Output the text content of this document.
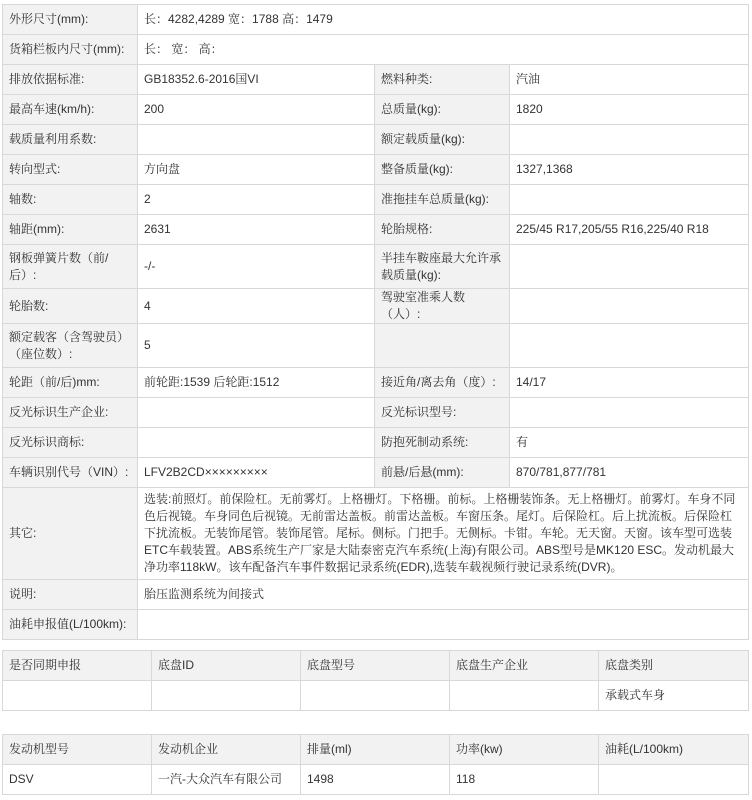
外形尺寸(mm):	长：4282,4289 宽：1788 高：1479		
货箱栏板内尺寸(mm):	长： 宽： 高：		
排放依据标准:	GB18352.6-2016国VI	燃料种类:	汽油
最高车速(km/h):	200	总质量(kg):	1820
载质量利用系数:		额定载质量(kg):	
转向型式:	方向盘	整备质量(kg):	1327,1368
轴数:	2	准拖挂车总质量(kg):	
轴距(mm):	2631	轮胎规格:	225/45 R17,205/55 R16,225/40 R18
钢板弹簧片数（前/后）:	-/-	半挂车鞍座最大允许承载质量(kg):	
轮胎数:	4	驾驶室准乘人数（人）:	
额定载客（含驾驶员）（座位数）:	5		
轮距（前/后)mm:	前轮距:1539 后轮距:1512	接近角/离去角（度）:	14/17
反光标识生产企业:		反光标识型号:	
反光标识商标:		防抱死制动系统:	有
车辆识别代号（VIN）:	LFV2B2CD×××××××××	前悬/后悬(mm):	870/781,877/781
其它:	选装:前照灯。前保险杠。无前雾灯。上格栅灯。下格栅。前标。上格栅装饰条。无上格栅灯。前雾灯。车身不同色后视镜。车身同色后视镜。无前雷达盖板。前雷达盖板。车窗压条。尾灯。后保险杠。后上扰流板。后保险杠下扰流板。无装饰尾管。装饰尾管。尾标。侧标。门把手。无侧标。卡钳。车轮。无天窗。天窗。该车型可选装ETC车载装置。ABS系统生产厂家是大陆泰密克汽车系统(上海)有限公司。ABS型号是MK120 ESC。发动机最大净功率118kW。该车配备汽车事件数据记录系统(EDR),选装车载视频行驶记录系统(DVR)。		
说明:	胎压监测系统为间接式		
油耗申报值(L/100km):			
是否同期申报	底盘ID	底盘型号	底盘生产企业	底盘类别
				承载式车身
发动机型号	发动机企业	排量(ml)	功率(kw)	油耗(L/100km)
DSV	一汽-大众汽车有限公司	1498	118	
